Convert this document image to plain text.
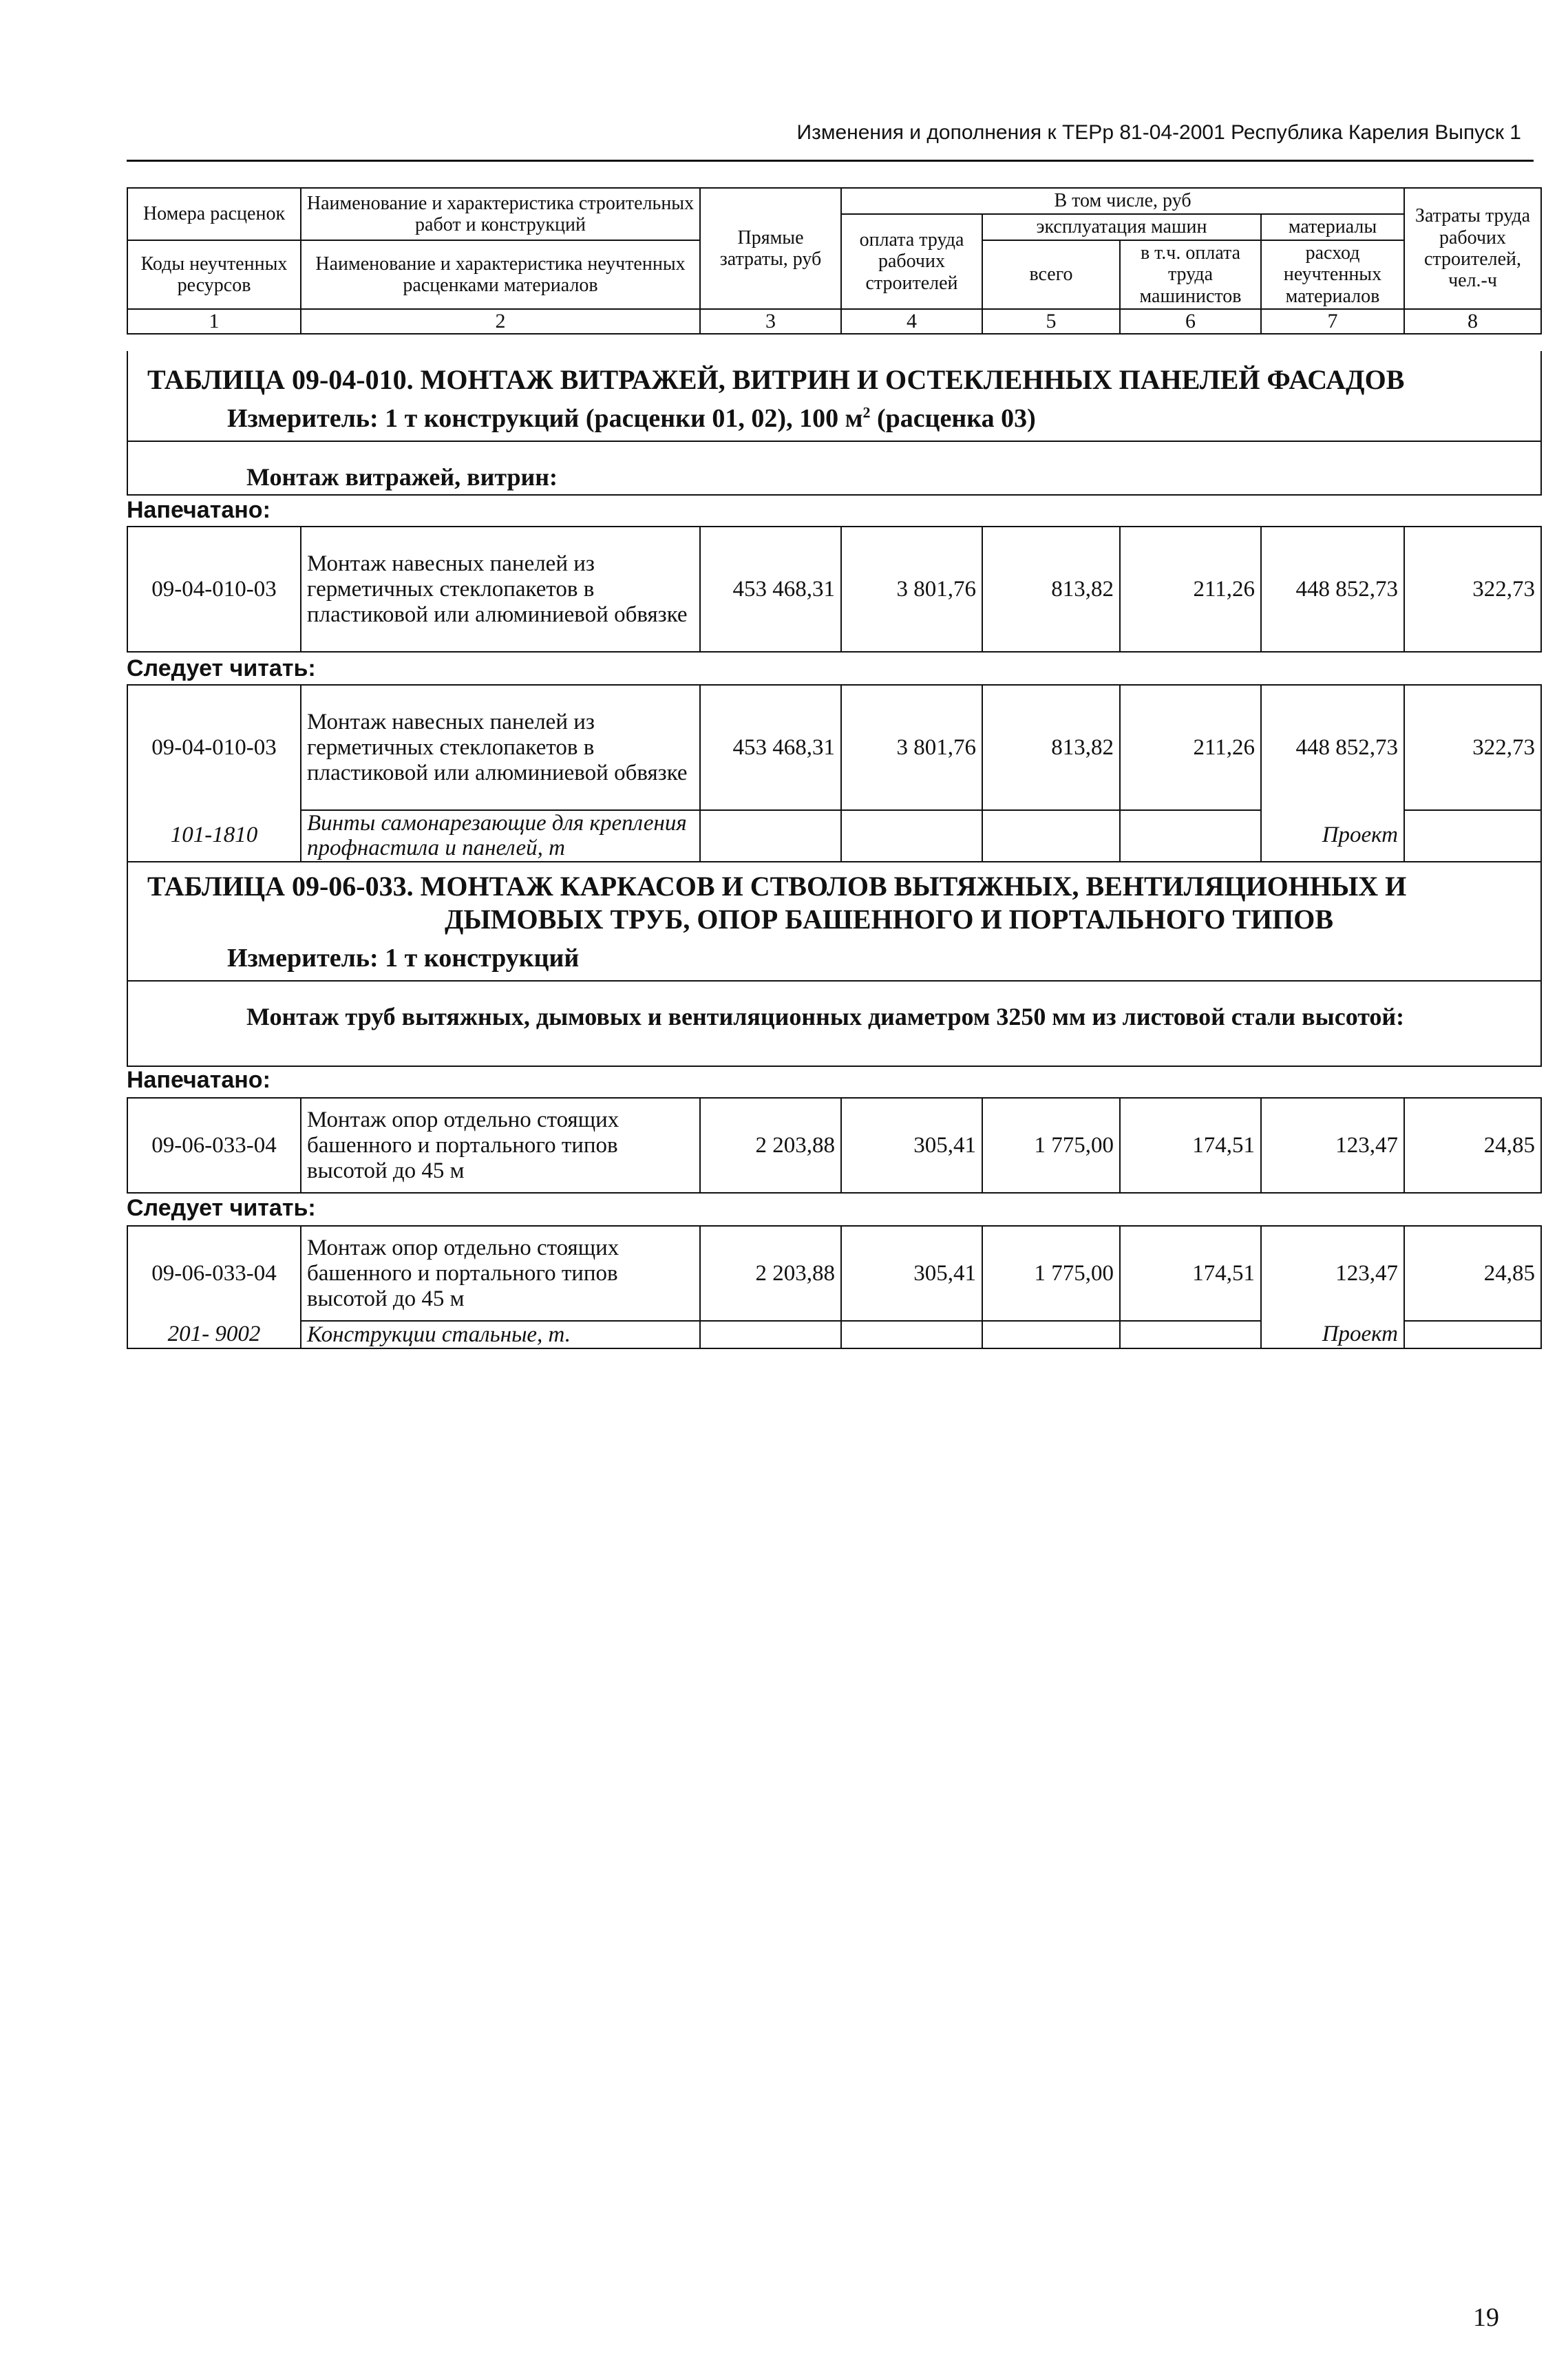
Изменения и дополнения к ТЕРр 81-04-2001 Республика Карелия Выпуск 1
Номера расценок	Наименование и характеристика строительных работ и конструкций	Прямые затраты, руб	В том числе, руб				Затраты труда рабочих строителей, чел.-ч
			оплата труда рабочих строителей	эксплуатация машин		материалы	
Коды неучтенных ресурсов	Наименование и характеристика неучтенных расценками материалов			всего	в т.ч. оплата труда машинистов	расход неучтенных материалов	

1	2	3	4	5	6	7	8
ТАБЛИЦА 09-04-010. МОНТАЖ ВИТРАЖЕЙ, ВИТРИН И ОСТЕКЛЕННЫХ ПАНЕЛЕЙ ФАСАДОВ
Измеритель: 1 т конструкций (расценки 01, 02), 100 $м^2$ (расценка 03)
Монтаж витражей, витрин:
Напечатано:
09-04-010-03	Монтаж навесных панелей из герметичных стеклопакетов в пластиковой или алюминиевой обвязке	453 468,31	3 801,76	813,82	211,26	448 852,73	322,73
Следует читать:
09-04-010-03	Монтаж навесных панелей из герметичных стеклопакетов в пластиковой или алюминиевой обвязке	453 468,31	3 801,76	813,82	211,26	448 852,73	322,73
101-1810	Винты самонарезающие для крепления профнастила и панелей, т					Проект	
ТАБЛИЦА 09-06-033. МОНТАЖ КАРКАСОВ И СТВОЛОВ ВЫТЯЖНЫХ, ВЕНТИЛЯЦИОННЫХ И
ДЫМОВЫХ ТРУБ, ОПОР БАШЕННОГО И ПОРТАЛЬНОГО ТИПОВ
Измеритель: 1 т конструкций
Монтаж труб вытяжных, дымовых и вентиляционных диаметром 3250 мм из листовой стали высотой:
Напечатано:
09-06-033-04	Монтаж опор отдельно стоящих башенного и портального типов высотой до 45 м	2 203,88	305,41	1 775,00	174,51	123,47	24,85
Следует читать:
09-06-033-04	Монтаж опор отдельно стоящих башенного и портального типов высотой до 45 м	2 203,88	305,41	1 775,00	174,51	123,47	24,85
201- 9002	Конструкции стальные, т.					Проект	
19
